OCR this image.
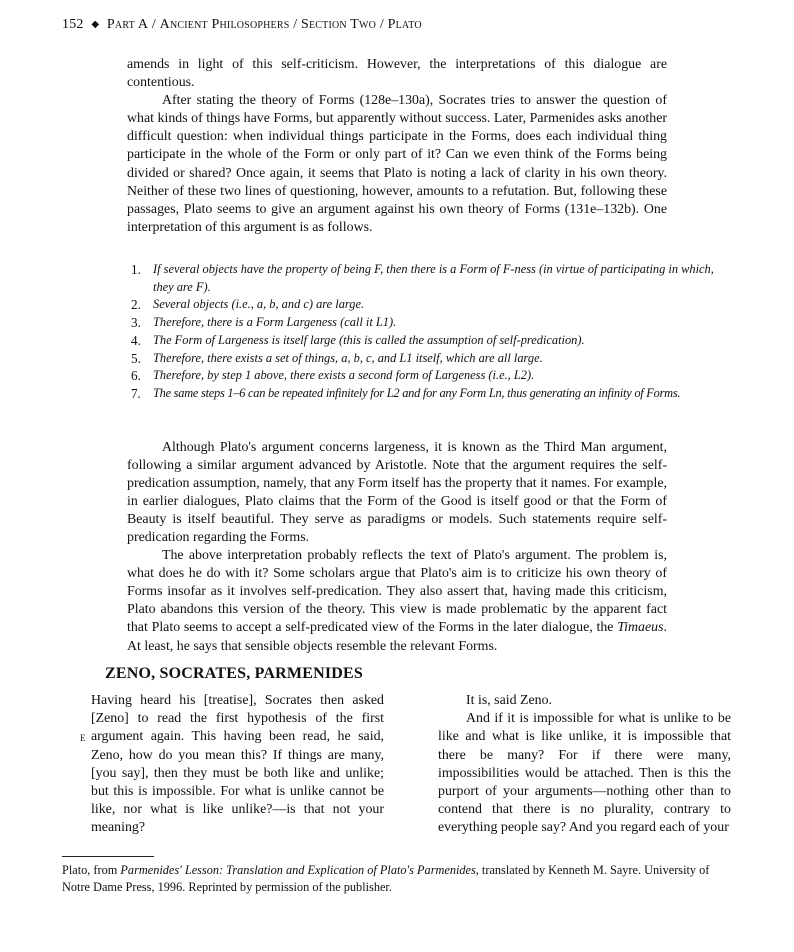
152 ◆ Part A / Ancient Philosophers / Section Two / Plato

amends in light of this self-criticism. However, the interpretations of this dialogue are contentious.

After stating the theory of Forms (128e–130a), Socrates tries to answer the question of what kinds of things have Forms, but apparently without success. Later, Parmenides asks another difficult question: when individual things participate in the Forms, does each individual thing participate in the whole of the Form or only part of it? Can we even think of the Forms being divided or shared? Once again, it seems that Plato is noting a lack of clarity in his own theory. Neither of these two lines of questioning, however, amounts to a refutation. But, following these passages, Plato seems to give an argument against his own theory of Forms (131e–132b). One interpretation of this argument is as follows.

1. If several objects have the property of being F, then there is a Form of F-ness (in virtue of participating in which, they are F).
2. Several objects (i.e., a, b, and c) are large.
3. Therefore, there is a Form Largeness (call it L1).
4. The Form of Largeness is itself large (this is called the assumption of self-predication).
5. Therefore, there exists a set of things, a, b, c, and L1 itself, which are all large.
6. Therefore, by step 1 above, there exists a second form of Largeness (i.e., L2).
7. The same steps 1–6 can be repeated infinitely for L2 and for any Form Ln, thus generating an infinity of Forms.

Although Plato's argument concerns largeness, it is known as the Third Man argument, following a similar argument advanced by Aristotle. Note that the argument requires the self-predication assumption, namely, that any Form itself has the property that it names. For example, in earlier dialogues, Plato claims that the Form of the Good is itself good or that the Form of Beauty is itself beautiful. They serve as paradigms or models. Such statements require self-predication regarding the Forms.

The above interpretation probably reflects the text of Plato's argument. The problem is, what does he do with it? Some scholars argue that Plato's aim is to criticize his own theory of Forms insofar as it involves self-predication. They also assert that, having made this criticism, Plato abandons this version of the theory. This view is made problematic by the apparent fact that Plato seems to accept a self-predicated view of the Forms in the later dialogue, the Timaeus. At least, he says that sensible objects resemble the relevant Forms.

ZENO, SOCRATES, PARMENIDES
E

Having heard his [treatise], Socrates then asked [Zeno] to read the first hypothesis of the first argument again. This having been read, he said, Zeno, how do you mean this? If things are many, [you say], then they must be both like and unlike; but this is impossible. For what is unlike cannot be like, nor what is like unlike?—is that not your meaning?

It is, said Zeno.

And if it is impossible for what is unlike to be like and what is like unlike, it is impossible that there be many? For if there were many, impossibilities would be attached. Then is this the purport of your arguments—nothing other than to contend that there is no plurality, contrary to everything people say? And you regard each of your

Plato, from Parmenides' Lesson: Translation and Explication of Plato's Parmenides, translated by Kenneth M. Sayre. University of Notre Dame Press, 1996. Reprinted by permission of the publisher.
